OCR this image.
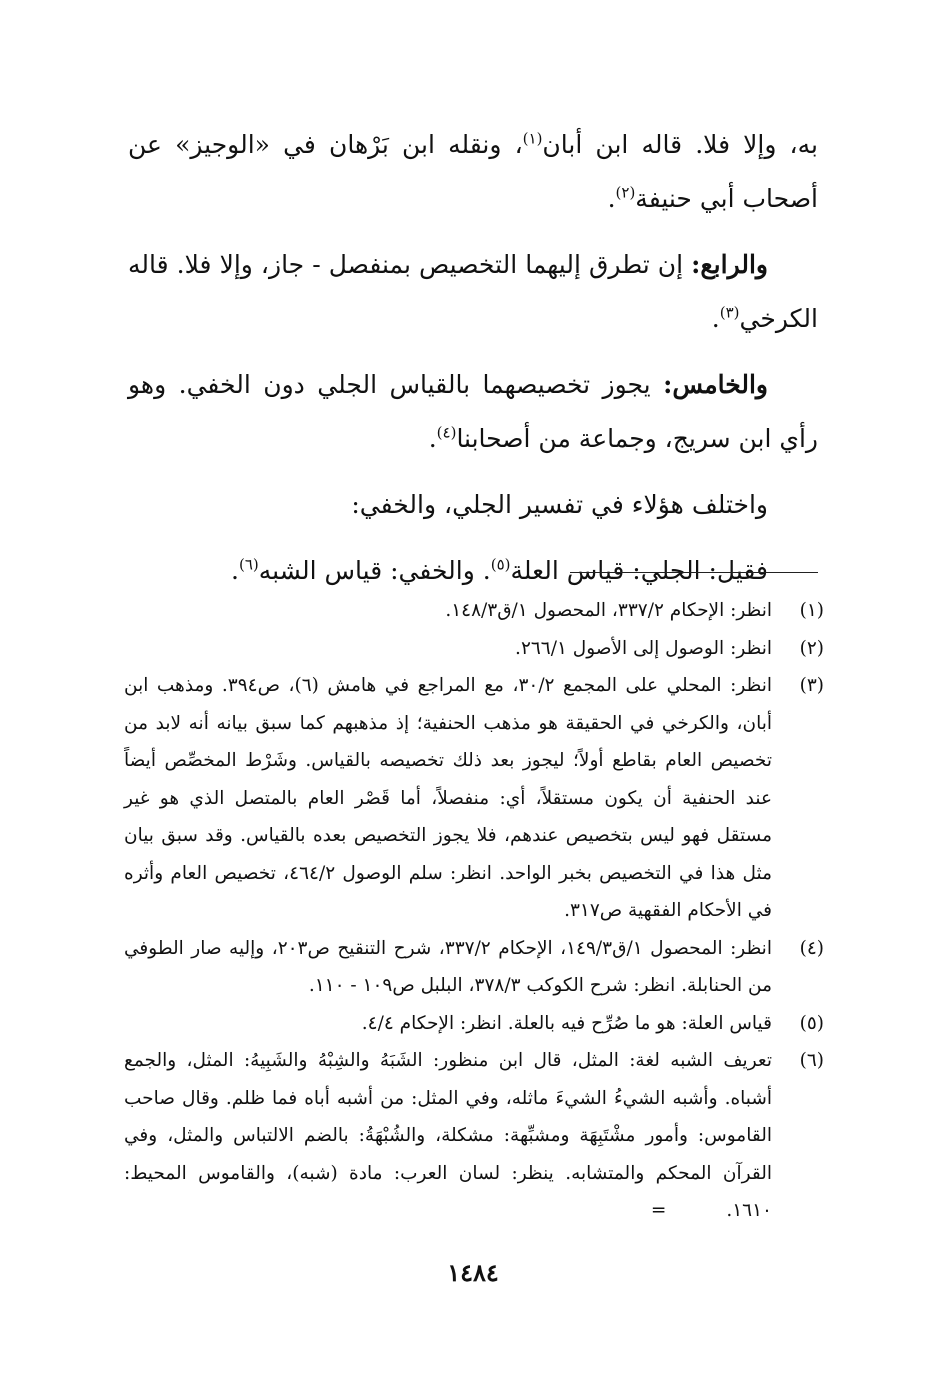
به، وإلا فلا. قاله ابن أبان$^{(١)}$، ونقله ابن بَرْهان في «الوجيز» عن أصحاب أبي حنيفة$^{(٢)}$.

والرابع: إن تطرق إليهما التخصيص بمنفصل - جاز، وإلا فلا. قاله الكرخي$^{(٣)}$.

والخامس: يجوز تخصيصهما بالقياس الجلي دون الخفي. وهو رأي ابن سريج، وجماعة من أصحابنا$^{(٤)}$.

واختلف هؤلاء في تفسير الجلي، والخفي:

فقيل: الجلي: قياس العلة$^{(٥)}$. والخفي: قياس الشبه$^{(٦)}$.

(١)
انظر: الإحكام ٣٣٧/٢، المحصول ١/ق١٤٨/٣.

(٢)
انظر: الوصول إلى الأصول ٢٦٦/١.

(٣)
انظر: المحلي على المجمع ٣٠/٢، مع المراجع في هامش (٦)، ص٣٩٤. ومذهب ابن أبان، والكرخي في الحقيقة هو مذهب الحنفية؛ إذ مذهبهم كما سبق بيانه أنه لابد من تخصيص العام بقاطع أولاً؛ ليجوز بعد ذلك تخصيصه بالقياس. وشَرْط المخصِّص أيضاً عند الحنفية أن يكون مستقلاً، أي: منفصلاً، أما قَصْر العام بالمتصل الذي هو غير مستقل فهو ليس بتخصيص عندهم، فلا يجوز التخصيص بعده بالقياس. وقد سبق بيان مثل هذا في التخصيص بخبر الواحد. انظر: سلم الوصول ٤٦٤/٢، تخصيص العام وأثره في الأحكام الفقهية ص٣١٧.

(٤)
انظر: المحصول ١/ق١٤٩/٣، الإحكام ٣٣٧/٢، شرح التنقيح ص٢٠٣، وإليه صار الطوفي من الحنابلة. انظر: شرح الكوكب ٣٧٨/٣، البلبل ص١٠٩ - ١١٠.

(٥)
قياس العلة: هو ما صُرِّح فيه بالعلة. انظر: الإحكام ٤/٤.

(٦)
تعريف الشبه لغة: المثل، قال ابن منظور: الشَبَهُ والشِبْهُ والشَبِيهُ: المثل، والجمع أشباه. وأشبه الشيءُ الشيءَ ماثله، وفي المثل: من أشبه أباه فما ظلم. وقال صاحب القاموس: وأمور مشْتَبِهَة ومشبِّهة: مشكلة، والشُبْهَةُ: بالضم الالتباس والمثل، وفي القرآن المحكم والمتشابه. ينظر: لسان العرب: مادة (شبه)، والقاموس المحيط: ١٦١٠.=

١٤٨٤
